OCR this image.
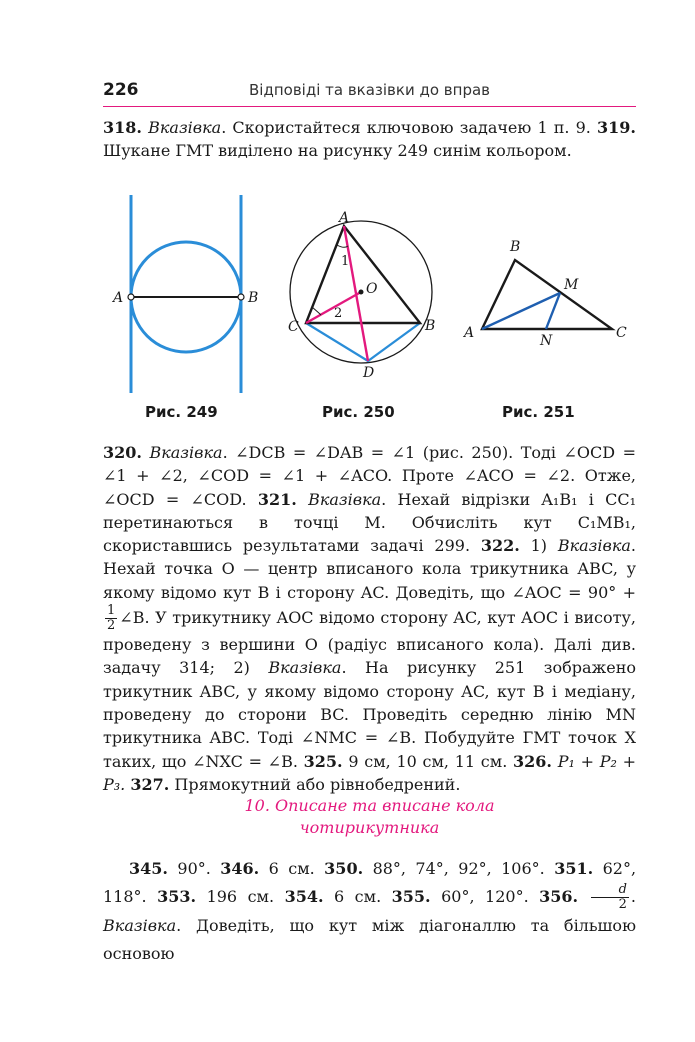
226	Відповіді та вказівки до вправ
318. Вказівка. Скористайтеся ключовою задачею 1 п. 9. 319. Шукане ГМТ виділено на рисунку 249 синім кольором.
A	B
Рис. 249
A
B
C
D
O
1
2
Рис. 250
A
B
C
M
N
Рис. 251
320. Вказівка. ∠DCB = ∠DAB = ∠1 (рис. 250). Тоді ∠OCD = ∠1 + ∠2, ∠COD = ∠1 + ∠ACO. Проте ∠ACO = ∠2. Отже, ∠OCD = ∠COD. 321. Вказівка. Нехай відрізки A₁B₁ і CC₁ перетинаються в точці M. Обчисліть кут C₁MB₁, скориставшись результатами задачі 299. 322. 1) Вказівка. Нехай точка O — центр вписаного кола трикутника ABC, у якому відомо кут B і сторону AC. Доведіть, що ∠AOC = 90° +
$\frac{1}{2}$ ∠B. У трикутнику AOC відомо сторону AC, кут AOC і висоту, проведену з вершини O (радіус вписаного кола). Далі див. задачу 314; 2) Вказівка. На рисунку 251 зображено трикутник ABC, у якому відомо сторону AC, кут B і медіану, проведену до сторони BC. Проведіть середню лінію MN трикутника ABC. Тоді ∠NMC = ∠B. Побудуйте ГМТ точок X таких, що ∠NXC = ∠B. 325. 9 см, 10 см, 11 см. 326. P₁ + P₂ + P₃. 327. Прямокутний або рівнобедрений.
10. Описане та вписане кола
чотирикутника
345. 90°. 346. 6 см. 350. 88°, 74°, 92°, 106°. 351. 62°, 118°. 353. 196 см. 354. 6 см. 355. 60°, 120°. 356. $\frac{d}{2}$ . Вказівка. Доведіть, що кут між діагоналлю та більшою основою
